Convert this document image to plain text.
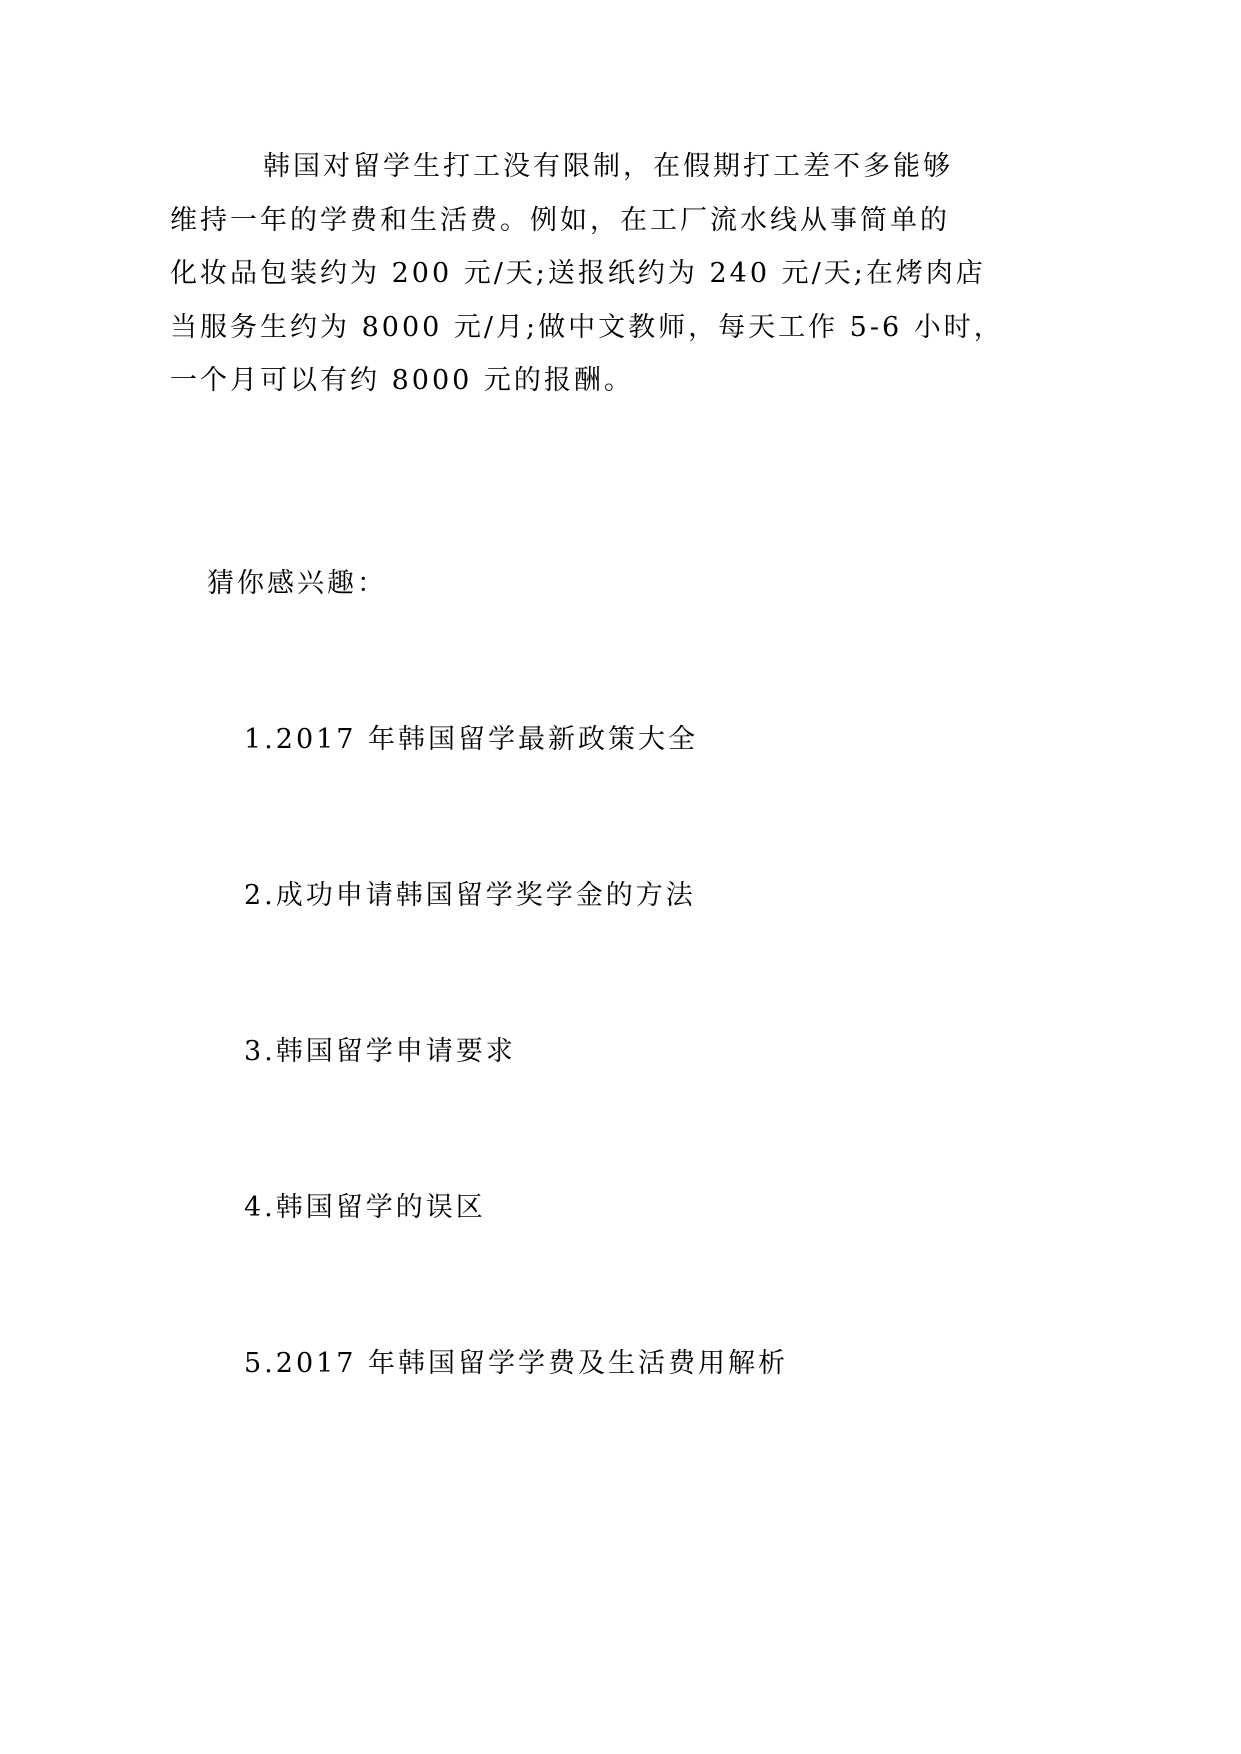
韩国对留学生打工没有限制，在假期打工差不多能够
维持一年的学费和生活费。例如，在工厂流水线从事简单的
化妆品包装约为 200 元/天;送报纸约为 240 元/天;在烤肉店
当服务生约为 8000 元/月;做中文教师，每天工作 5-6 小时，
一个月可以有约 8000 元的报酬。
猜你感兴趣：
1.2017 年韩国留学最新政策大全
2.成功申请韩国留学奖学金的方法
3.韩国留学申请要求
4.韩国留学的误区
5.2017 年韩国留学学费及生活费用解析
